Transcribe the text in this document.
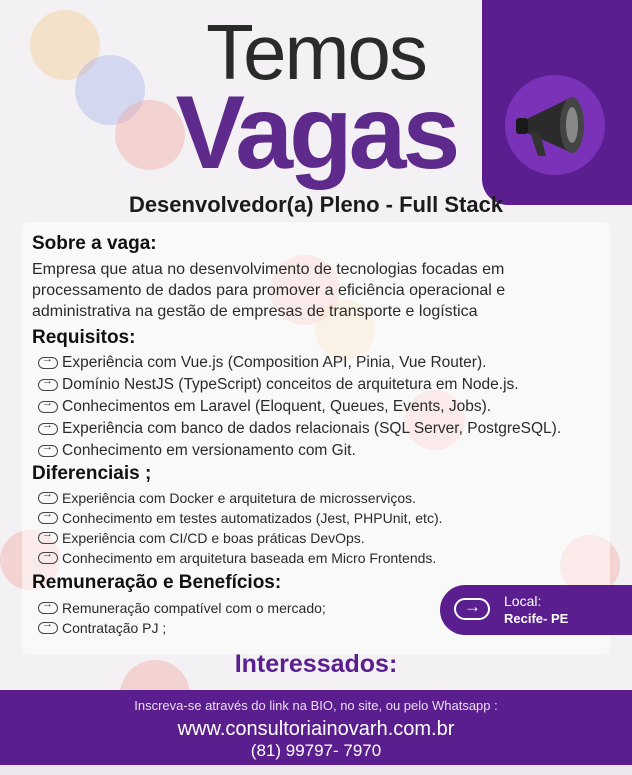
Temos
Vagas
Desenvolvedor(a) Pleno - Full Stack
Sobre a vaga:
Empresa que atua no desenvolvimento de tecnologias focadas em
processamento de dados para promover a eficiência operacional e
administrativa na gestão de empresas de transporte e logística
Requisitos:
→
Experiência com Vue.js (Composition API, Pinia, Vue Router).
→
Domínio NestJS (TypeScript) conceitos de arquitetura em Node.js.
→
Conhecimentos em Laravel (Eloquent, Queues, Events, Jobs).
→
Experiência com banco de dados relacionais (SQL Server, PostgreSQL).
→
Conhecimento em versionamento com Git.
Diferenciais ;
→
Experiência com Docker e arquitetura de microsserviços.
→
Conhecimento em testes automatizados (Jest, PHPUnit, etc).
→
Experiência com CI/CD e boas práticas DevOps.
→
Conhecimento em arquitetura baseada em Micro Frontends.
Remuneração e Benefícios:
→
Remuneração compatível com o mercado;
→
Contratação PJ ;
→
Local:
Recife- PE
Interessados:
Inscreva-se através do link na BIO, no site, ou pelo Whatsapp :
www.consultoriainovarh.com.br
(81) 99797- 7970
